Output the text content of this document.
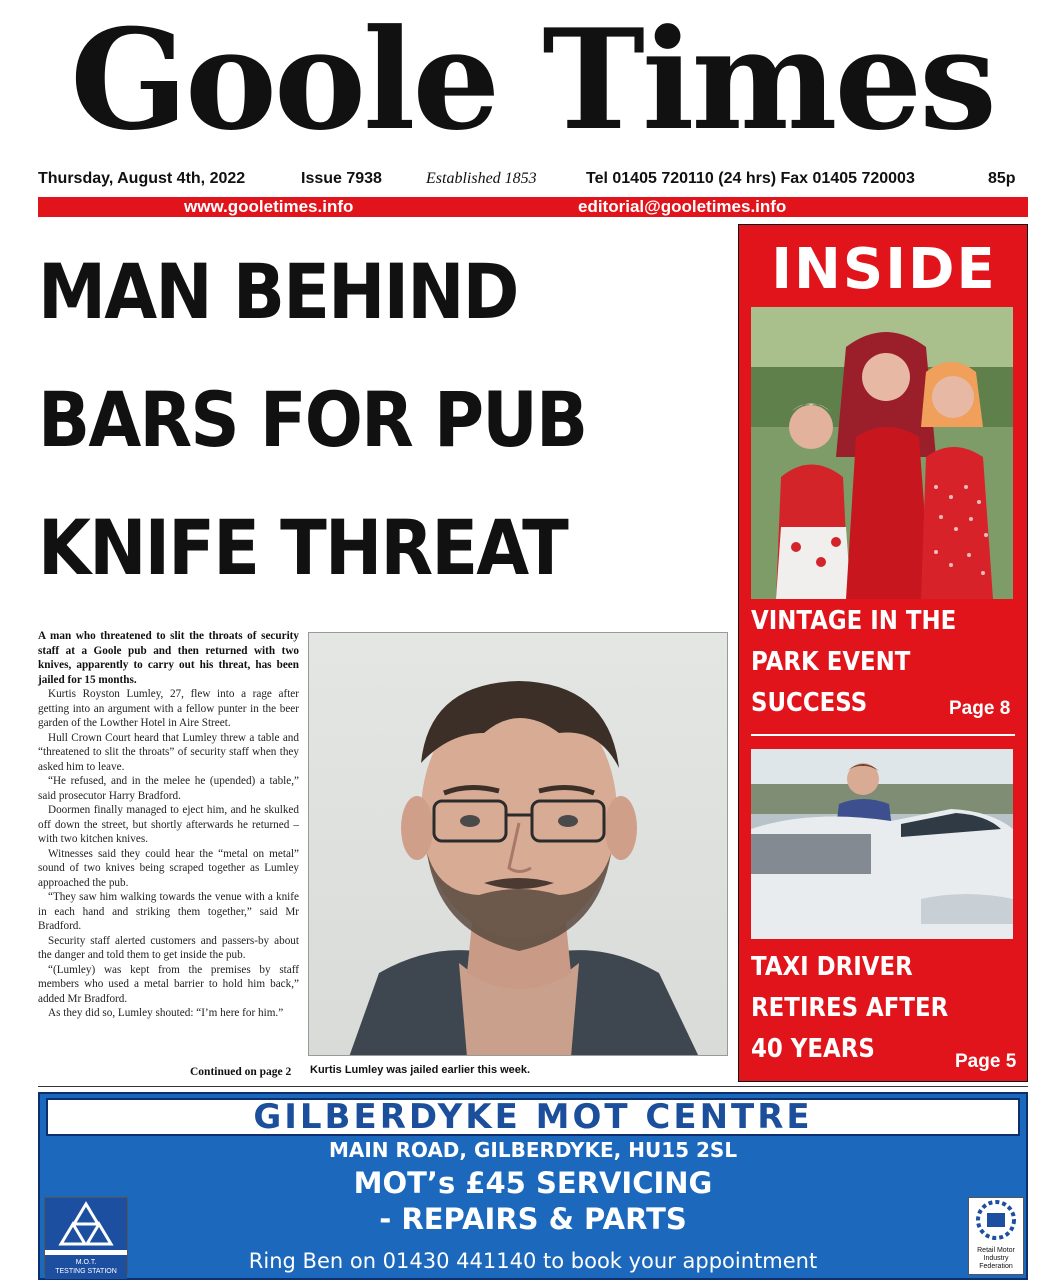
Goole Times
Thursday, August 4th, 2022	Issue 7938	Established 1853	Tel 01405 720110 (24 hrs) Fax 01405 720003	85p
www.gooletimes.info	editorial@gooletimes.info
MAN BEHIND
BARS FOR PUB
KNIFE THREAT

A man who threatened to slit the throats of security staff at a Goole pub and then returned with two knives, apparently to carry out his threat, has been jailed for 15 months.

Kurtis Royston Lumley, 27, flew into a rage after getting into an argument with a fellow punter in the beer garden of the Lowther Hotel in Aire Street.

Hull Crown Court heard that Lumley threw a table and “threatened to slit the throats” of security staff when they asked him to leave.

“He refused, and in the melee he (upended) a table,” said prosecutor Harry Bradford.

Doormen finally managed to eject him, and he skulked off down the street, but shortly afterwards he returned – with two kitchen knives.

Witnesses said they could hear the “metal on metal” sound of two knives being scraped together as Lumley approached the pub.

“They saw him walking towards the venue with a knife in each hand and striking them together,” said Mr Bradford.

Security staff alerted customers and passers-by about the danger and told them to get inside the pub.

“(Lumley) was kept from the premises by staff members who used a metal barrier to hold him back,” added Mr Bradford.

As they did so, Lumley shouted: “I’m here for him.”

Continued on page 2 Kurtis Lumley was jailed earlier this week.
INSIDE
VINTAGE IN THE
PARK EVENT
SUCCESS	Page 8
TAXI DRIVER
RETIRES AFTER
40 YEARS	Page 5
GILBERDYKE MOT CENTRE
MAIN ROAD, GILBERDYKE, HU15 2SL
MOT’s £45 SERVICING
- REPAIRS & PARTS
Ring Ben on 01430 441140 to book your appointment
M.O.T.
TESTING STATION
Retail Motor
Industry
Federation
